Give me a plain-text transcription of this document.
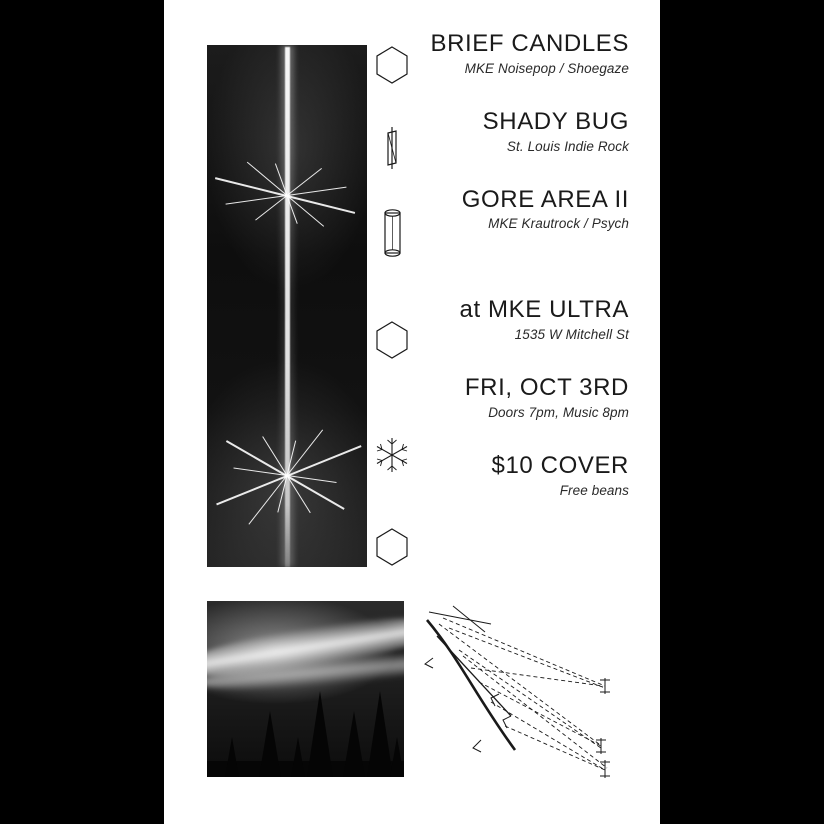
BRIEF CANDLES
MKE Noisepop / Shoegaze
SHADY BUG
St. Louis Indie Rock
GORE AREA II
MKE Krautrock / Psych
at MKE ULTRA
1535 W Mitchell St
FRI, OCT 3RD
Doors 7pm, Music 8pm
$10 COVER
Free beans
